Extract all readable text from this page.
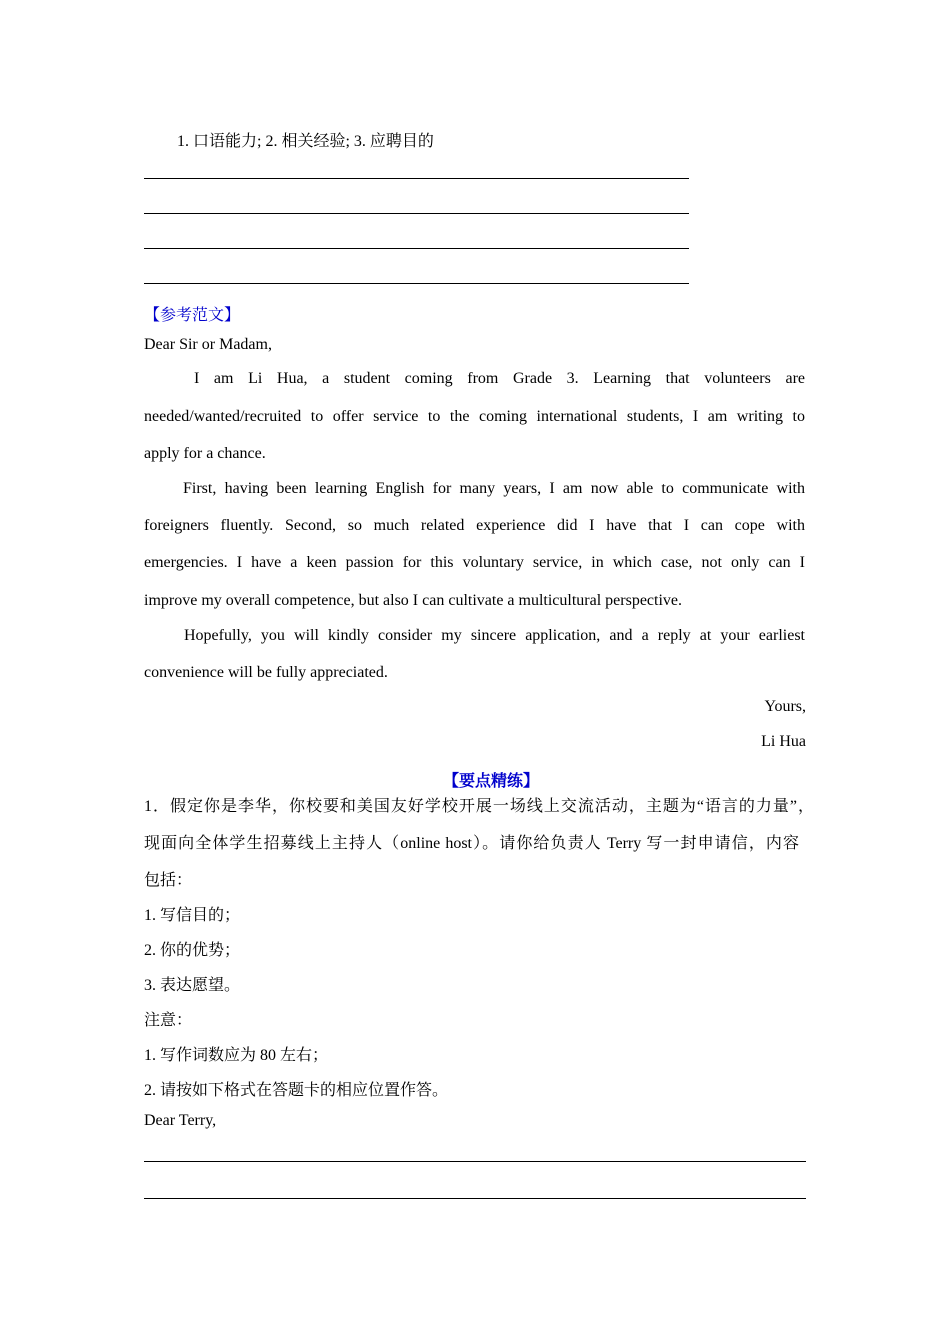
1. 口语能力; 2. 相关经验; 3. 应聘目的
【参考范文】
Dear Sir or Madam,
I am Li Hua, a student coming from Grade 3. Learning that volunteers are
needed/wanted/recruited to offer service to the coming international students, I am writing to
apply for a chance.
First, having been learning English for many years, I am now able to communicate with
foreigners fluently. Second, so much related experience did I have that I can cope with
emergencies. I have a keen passion for this voluntary service, in which case, not only can I
improve my overall competence, but also I can cultivate a multicultural perspective.
Hopefully, you will kindly consider my sincere application, and a reply at your earliest
convenience will be fully appreciated.
Yours,
Li Hua
【要点精练】
1．假定你是李华，你校要和美国友好学校开展一场线上交流活动，主题为“语言的力量”，
现面向全体学生招募线上主持人（online host）。请你给负责人 Terry 写一封申请信，内容
包括：
1. 写信目的；
2. 你的优势；
3. 表达愿望。
注意：
1. 写作词数应为 80 左右；
2. 请按如下格式在答题卡的相应位置作答。
Dear Terry,
